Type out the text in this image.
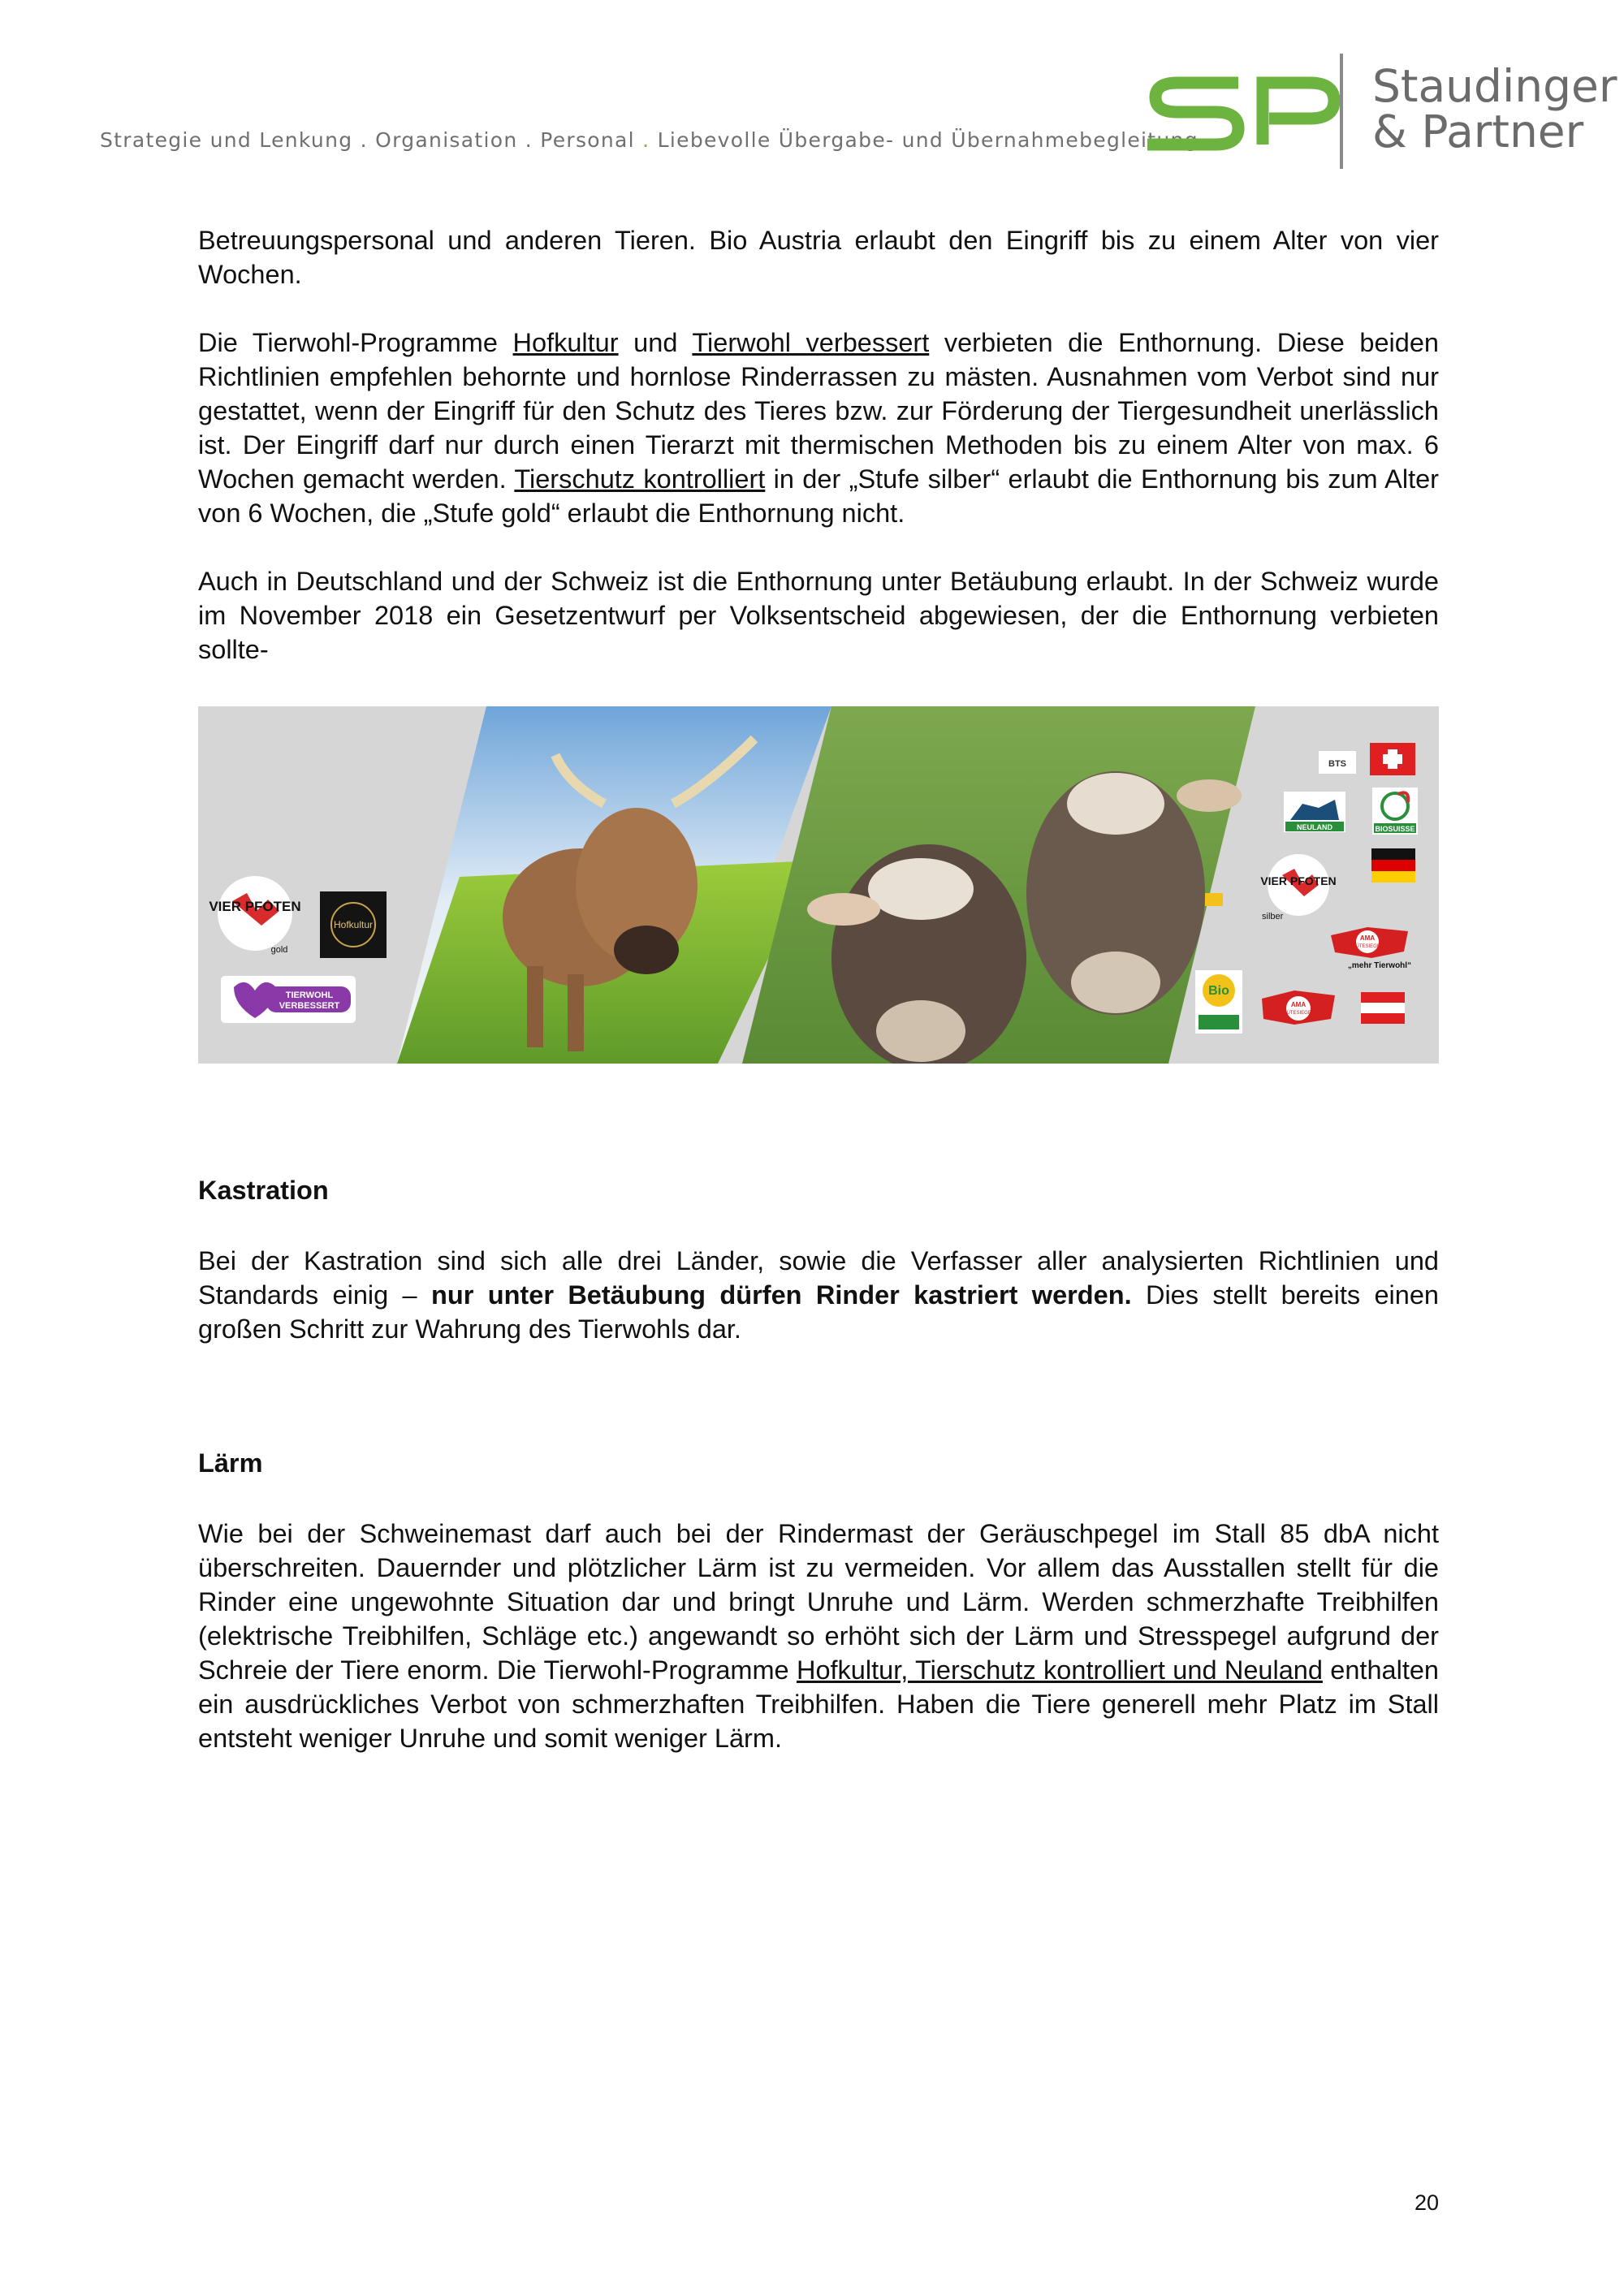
Strategie und Lenkung . Organisation . Personal . Liebevolle Übergabe- und Übernahmebegleitung
SP
Staudinger
& Partner

Betreuungspersonal und anderen Tieren. Bio Austria erlaubt den Eingriff bis zu einem Alter von vier Wochen.

Die Tierwohl-Programme Hofkultur und Tierwohl verbessert verbieten die Enthornung. Diese beiden Richtlinien empfehlen behornte und hornlose Rinderrassen zu mästen. Ausnahmen vom Verbot sind nur gestattet, wenn der Eingriff für den Schutz des Tieres bzw. zur Förderung der Tiergesundheit unerlässlich ist. Der Eingriff darf nur durch einen Tierarzt mit thermischen Methoden bis zu einem Alter von max. 6 Wochen gemacht werden. Tierschutz kontrolliert in der „Stufe silber“ erlaubt die Enthornung bis zum Alter von 6 Wochen, die „Stufe gold“ erlaubt die Enthornung nicht.

Auch in Deutschland und der Schweiz ist die Enthornung unter Betäubung erlaubt. In der Schweiz wurde im November 2018 ein Gesetzentwurf per Volksentscheid abgewiesen, der die Enthornung verbieten sollte-

VIER PFOTEN
gold
Hofkultur
TIERWOHL
VERBESSERT
BTS
NEULAND	BIOSUISSE
VIER PFOTEN
silber
AMA
GÜTESIEGEL
„mehr Tierwohl“
Bio
AMA
GÜTESIEGEL
Kastration

Bei der Kastration sind sich alle drei Länder, sowie die Verfasser aller analysierten Richtlinien und Standards einig – nur unter Betäubung dürfen Rinder kastriert werden. Dies stellt bereits einen großen Schritt zur Wahrung des Tierwohls dar.

Lärm

Wie bei der Schweinemast darf auch bei der Rindermast der Geräuschpegel im Stall 85 dbA nicht überschreiten. Dauernder und plötzlicher Lärm ist zu vermeiden. Vor allem das Ausstallen stellt für die Rinder eine ungewohnte Situation dar und bringt Unruhe und Lärm. Werden schmerzhafte Treibhilfen (elektrische Treibhilfen, Schläge etc.) angewandt so erhöht sich der Lärm und Stresspegel aufgrund der Schreie der Tiere enorm. Die Tierwohl-Programme Hofkultur, Tierschutz kontrolliert und Neuland enthalten ein ausdrückliches Verbot von schmerzhaften Treibhilfen. Haben die Tiere generell mehr Platz im Stall entsteht weniger Unruhe und somit weniger Lärm.

20
